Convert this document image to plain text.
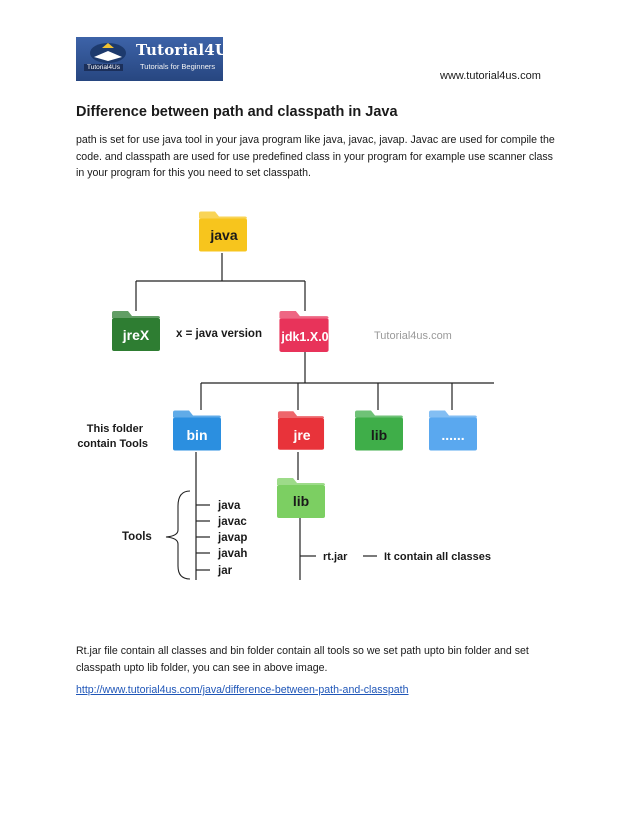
Tutorial4Us
Tutorials for Beginners
Tutorial4Us
www.tutorial4us.com
Difference between path and classpath in Java
path is set for use java tool in your java program like java, javac, javap. Javac are used for compile the code. and classpath are used for use predefined class in your program for example use scanner class in your program for this you need to set classpath.
java
jreX x = java version jdk1.X.0	Tutorial4us.com
bin
This folder
contain Tools
jre	lib	......
lib
Tools
java
javac
javap
javah
jar
rt.jar	It contain all classes
Rt.jar file contain all classes and bin folder contain all tools so we set path upto bin folder and set classpath upto lib folder, you can see in above image.
http://www.tutorial4us.com/java/difference-between-path-and-classpath
